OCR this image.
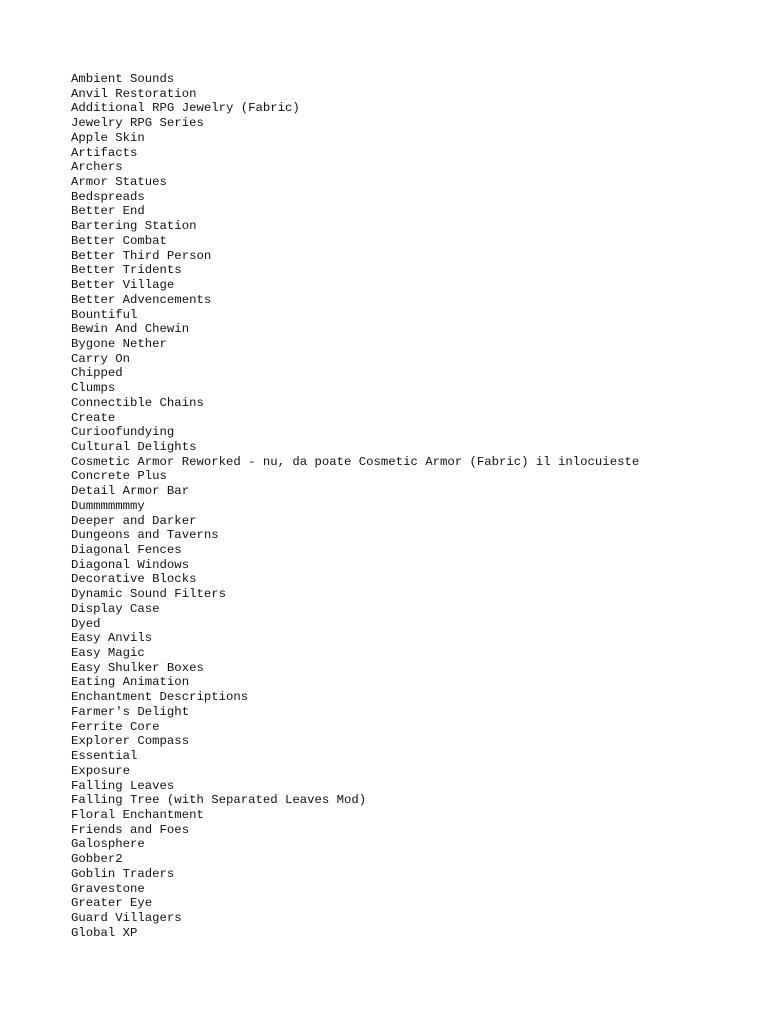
Ambient Sounds
Anvil Restoration
Additional RPG Jewelry (Fabric)
Jewelry RPG Series
Apple Skin
Artifacts
Archers
Armor Statues
Bedspreads
Better End
Bartering Station
Better Combat
Better Third Person
Better Tridents
Better Village
Better Advencements
Bountiful
Bewin And Chewin
Bygone Nether
Carry On
Chipped
Clumps
Connectible Chains
Create
Curioofundying
Cultural Delights
Cosmetic Armor Reworked - nu, da poate Cosmetic Armor (Fabric) il inlocuieste
Concrete Plus
Detail Armor Bar
Dummmmmmmy
Deeper and Darker
Dungeons and Taverns
Diagonal Fences
Diagonal Windows
Decorative Blocks
Dynamic Sound Filters
Display Case
Dyed
Easy Anvils
Easy Magic
Easy Shulker Boxes
Eating Animation
Enchantment Descriptions
Farmer's Delight
Ferrite Core
Explorer Compass
Essential
Exposure
Falling Leaves
Falling Tree (with Separated Leaves Mod)
Floral Enchantment
Friends and Foes
Galosphere
Gobber2
Goblin Traders
Gravestone
Greater Eye
Guard Villagers
Global XP
